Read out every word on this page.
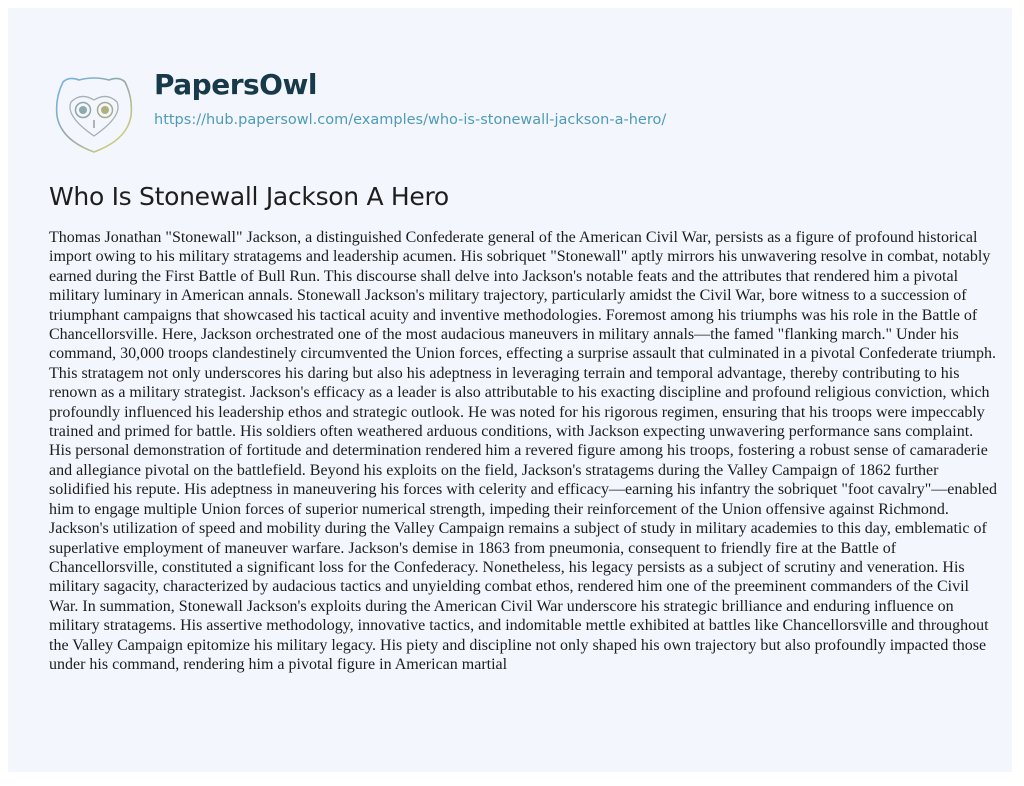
PapersOwl
https://hub.papersowl.com/examples/who-is-stonewall-jackson-a-hero/
Who Is Stonewall Jackson A Hero

Thomas Jonathan "Stonewall" Jackson, a distinguished Confederate general of the American Civil War, persists as a figure of profound historical import owing to his military stratagems and leadership acumen. His sobriquet "Stonewall" aptly mirrors his unwavering resolve in combat, notably earned during the First Battle of Bull Run. This discourse shall delve into Jackson's notable feats and the attributes that rendered him a pivotal military luminary in American annals. Stonewall Jackson's military trajectory, particularly amidst the Civil War, bore witness to a succession of triumphant campaigns that showcased his tactical acuity and inventive methodologies. Foremost among his triumphs was his role in the Battle of Chancellorsville. Here, Jackson orchestrated one of the most audacious maneuvers in military annals—the famed "flanking march." Under his command, 30,000 troops clandestinely circumvented the Union forces, effecting a surprise assault that culminated in a pivotal Confederate triumph. This stratagem not only underscores his daring but also his adeptness in leveraging terrain and temporal advantage, thereby contributing to his renown as a military strategist. Jackson's efficacy as a leader is also attributable to his exacting discipline and profound religious conviction, which profoundly influenced his leadership ethos and strategic outlook. He was noted for his rigorous regimen, ensuring that his troops were impeccably trained and primed for battle. His soldiers often weathered arduous conditions, with Jackson expecting unwavering performance sans complaint. His personal demonstration of fortitude and determination rendered him a revered figure among his troops, fostering a robust sense of camaraderie and allegiance pivotal on the battlefield. Beyond his exploits on the field, Jackson's stratagems during the Valley Campaign of 1862 further solidified his repute. His adeptness in maneuvering his forces with celerity and efficacy—earning his infantry the sobriquet "foot cavalry"—enabled him to engage multiple Union forces of superior numerical strength, impeding their reinforcement of the Union offensive against Richmond. Jackson's utilization of speed and mobility during the Valley Campaign remains a subject of study in military academies to this day, emblematic of superlative employment of maneuver warfare. Jackson's demise in 1863 from pneumonia, consequent to friendly fire at the Battle of Chancellorsville, constituted a significant loss for the Confederacy. Nonetheless, his legacy persists as a subject of scrutiny and veneration. His military sagacity, characterized by audacious tactics and unyielding combat ethos, rendered him one of the preeminent commanders of the Civil War. In summation, Stonewall Jackson's exploits during the American Civil War underscore his strategic brilliance and enduring influence on military stratagems. His assertive methodology, innovative tactics, and indomitable mettle exhibited at battles like Chancellorsville and throughout the Valley Campaign epitomize his military legacy. His piety and discipline not only shaped his own trajectory but also profoundly impacted those under his command, rendering him a pivotal figure in American martial
